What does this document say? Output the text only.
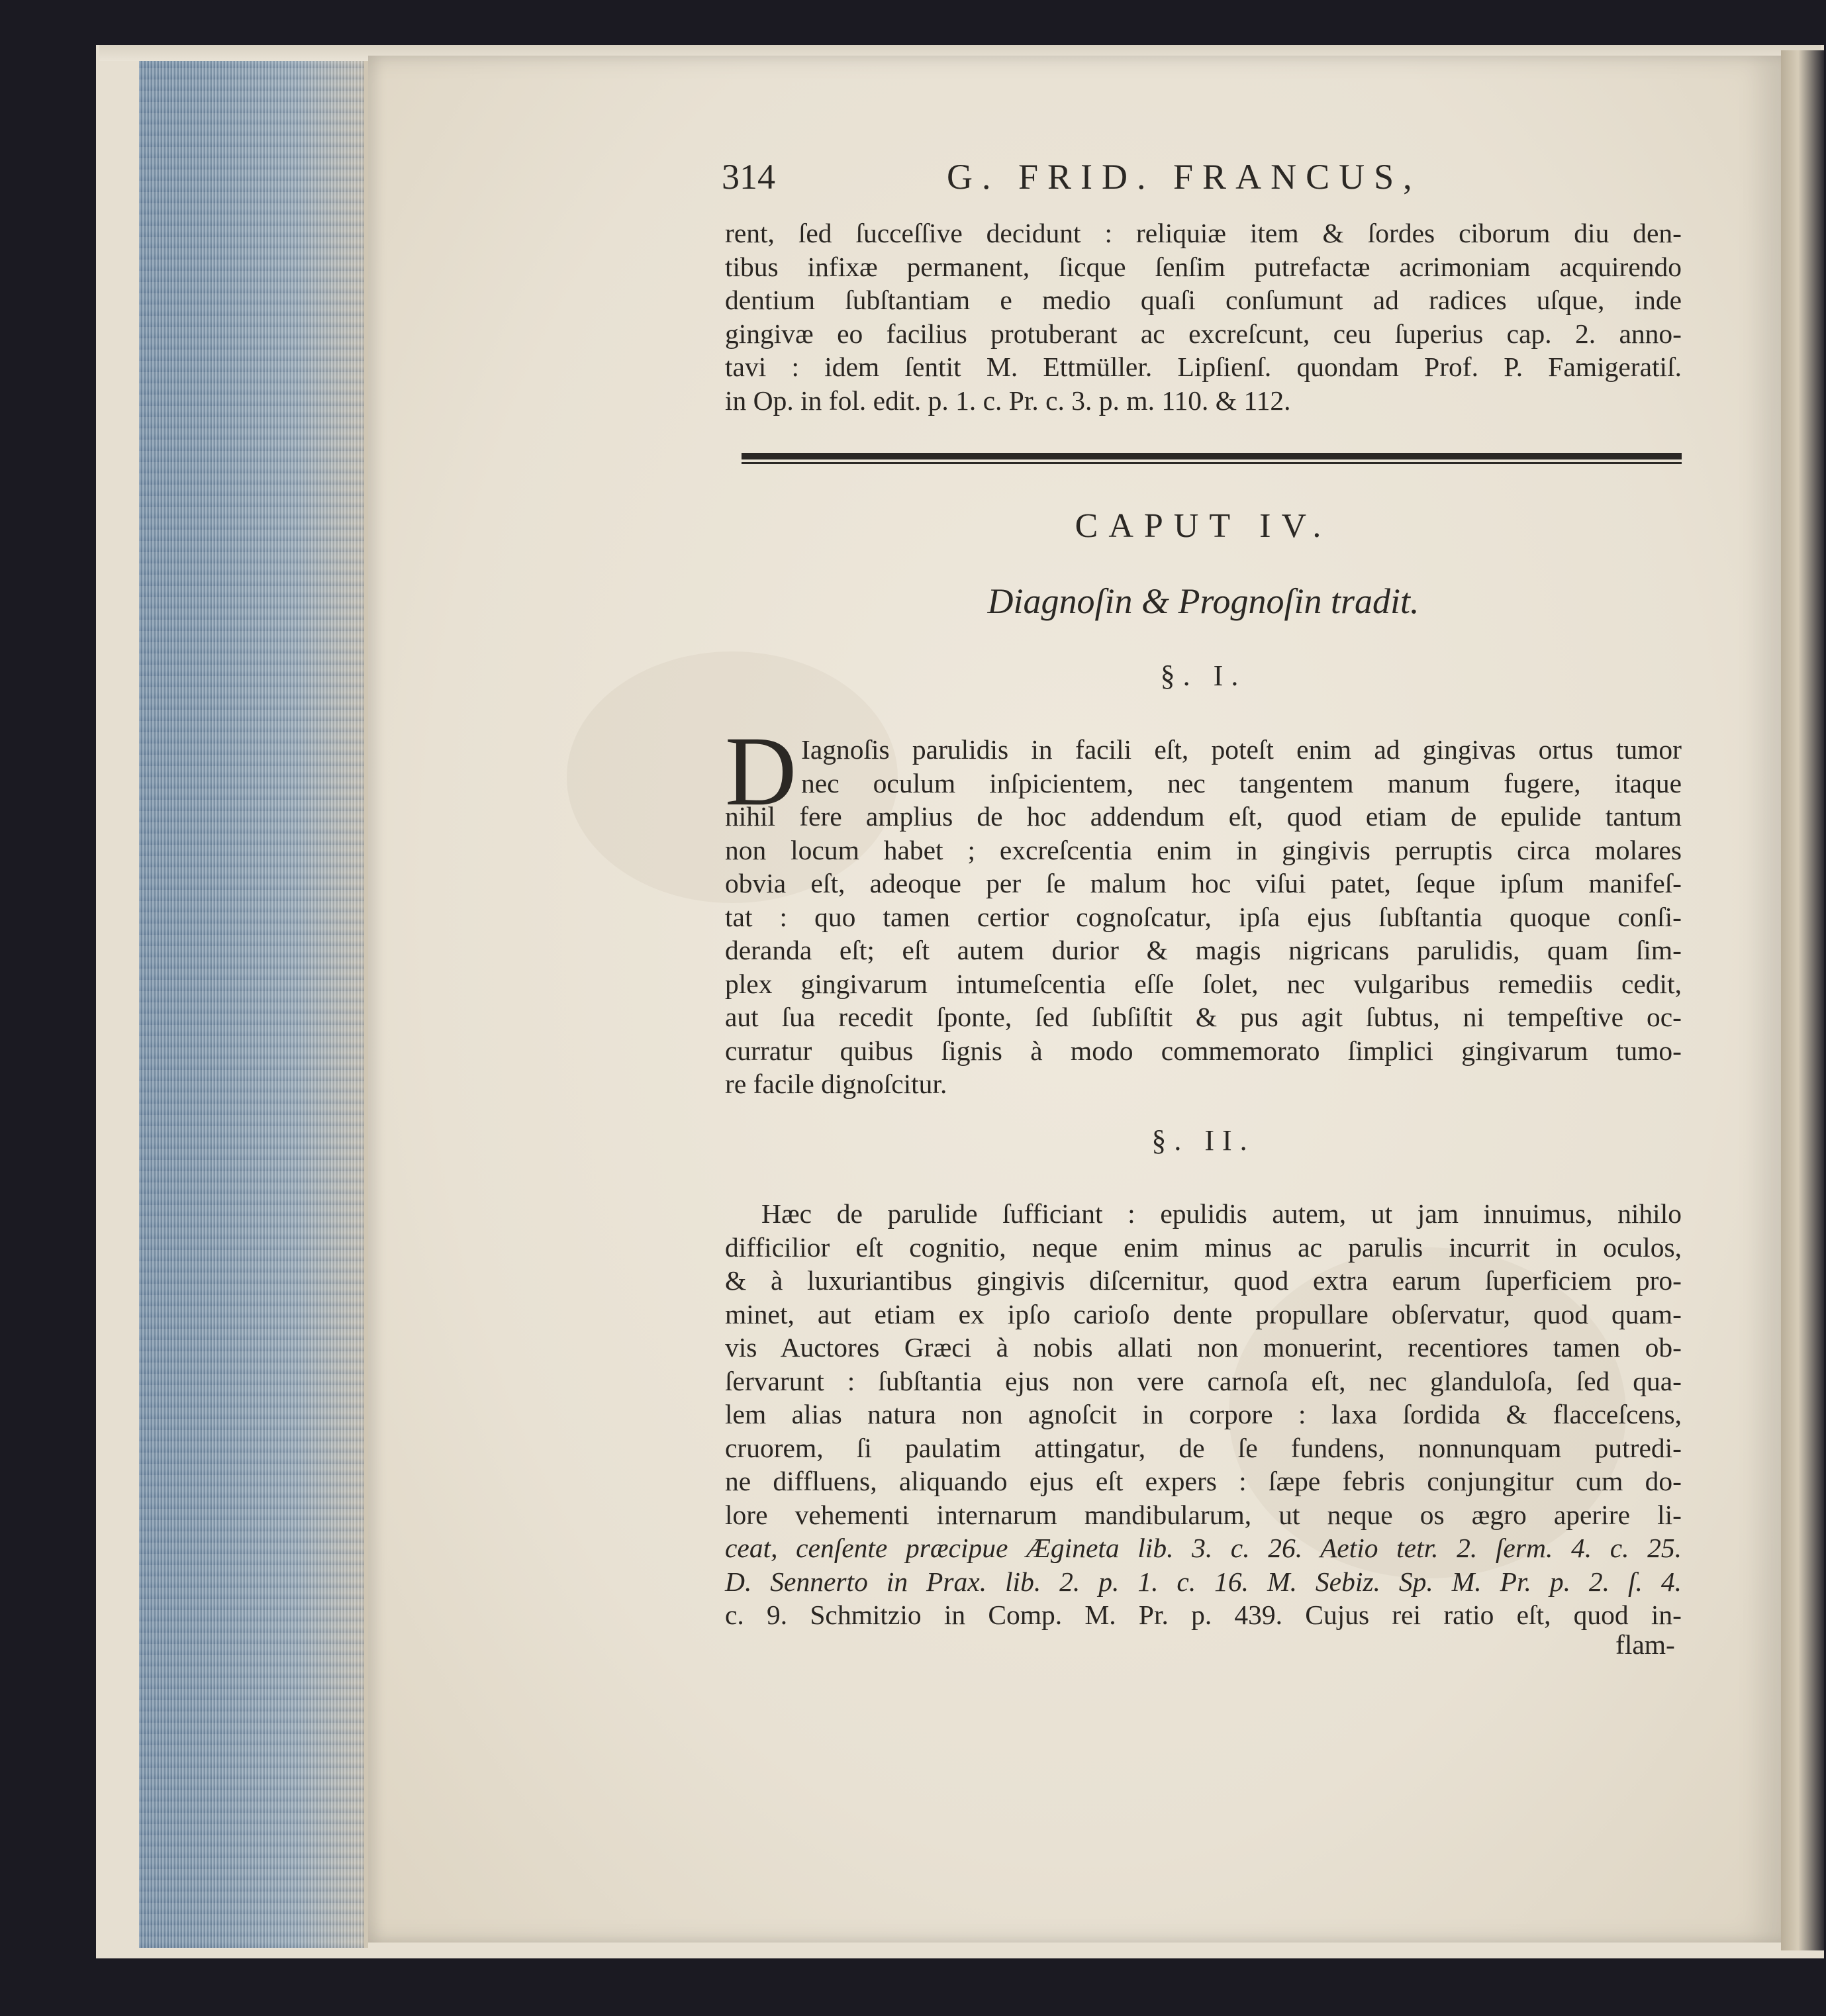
314	G. FRID. FRANCUS,
rent, ſed ſucceſſive decidunt : reliquiæ item & ſordes ciborum diu den-
tibus infixæ permanent, ſicque ſenſim putrefactæ acrimoniam acquirendo
dentium ſubſtantiam e medio quaſi conſumunt ad radices uſque, inde
gingivæ eo facilius protuberant ac excreſcunt, ceu ſuperius cap. 2. anno-
tavi : idem ſentit M. Ettmüller. Lipſienſ. quondam Prof. P. Famigeratiſ.
in Op. in fol. edit. p. 1. c. Pr. c. 3. p. m. 110. & 112.
CAPUT IV.
Diagnoſin & Prognoſin tradit.
§. I.
D Iagnoſis parulidis in facili eſt, poteſt enim ad gingivas ortus tumor
nec oculum inſpicientem, nec tangentem manum fugere, itaque
nihil fere amplius de hoc addendum eſt, quod etiam de epulide tantum
non locum habet ; excreſcentia enim in gingivis perruptis circa molares
obvia eſt, adeoque per ſe malum hoc viſui patet, ſeque ipſum manifeſ-
tat : quo tamen certior cognoſcatur, ipſa ejus ſubſtantia quoque conſi-
deranda eſt; eſt autem durior & magis nigricans parulidis, quam ſim-
plex gingivarum intumeſcentia eſſe ſolet, nec vulgaribus remediis cedit,
aut ſua recedit ſponte, ſed ſubſiſtit & pus agit ſubtus, ni tempeſtive oc-
curratur quibus ſignis à modo commemorato ſimplici gingivarum tumo-
re facile dignoſcitur.
§. II.
Hæc de parulide ſufficiant : epulidis autem, ut jam innuimus, nihilo
difficilior eſt cognitio, neque enim minus ac parulis incurrit in oculos,
& à luxuriantibus gingivis diſcernitur, quod extra earum ſuperficiem pro-
minet, aut etiam ex ipſo carioſo dente propullare obſervatur, quod quam-
vis Auctores Græci à nobis allati non monuerint, recentiores tamen ob-
ſervarunt : ſubſtantia ejus non vere carnoſa eſt, nec glanduloſa, ſed qua-
lem alias natura non agnoſcit in corpore : laxa ſordida & flacceſcens,
cruorem, ſi paulatim attingatur, de ſe fundens, nonnunquam putredi-
ne diffluens, aliquando ejus eſt expers : ſæpe febris conjungitur cum do-
lore vehementi internarum mandibularum, ut neque os ægro aperire li-
ceat, cenſente præcipue Ægineta lib. 3. c. 26. Aetio tetr. 2. ſerm. 4. c. 25.
D. Sennerto in Prax. lib. 2. p. 1. c. 16. M. Sebiz. Sp. M. Pr. p. 2. ſ. 4.
c. 9. Schmitzio in Comp. M. Pr. p. 439. Cujus rei ratio eſt, quod in-
flam-
